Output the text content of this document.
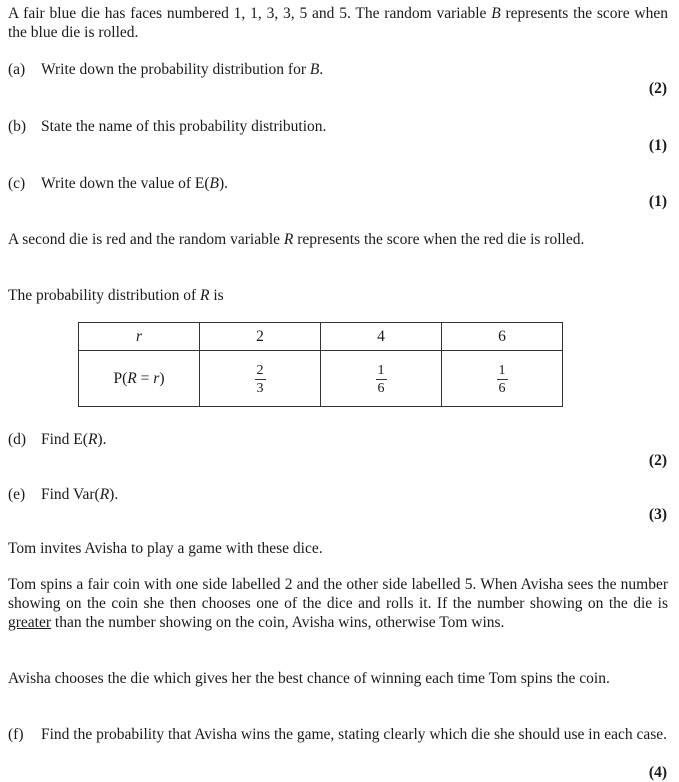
A fair blue die has faces numbered 1, 1, 3, 3, 5 and 5. The random variable B represents the score when the blue die is rolled.
(a) Write down the probability distribution for B.
(2)
(b) State the name of this probability distribution.
(1)
(c) Write down the value of E(B).
(1)
A second die is red and the random variable R represents the score when the red die is rolled.
The probability distribution of R is
r	2	4	6
P(R = r)	$\frac{2}{3}$	$\frac{1}{6}$	$\frac{1}{6}$
(d) Find E(R).
(2)
(e) Find Var(R).
(3)
Tom invites Avisha to play a game with these dice.
Tom spins a fair coin with one side labelled 2 and the other side labelled 5. When Avisha sees the number showing on the coin she then chooses one of the dice and rolls it. If the number showing on the die is greater than the number showing on the coin, Avisha wins, otherwise Tom wins.
Avisha chooses the die which gives her the best chance of winning each time Tom spins the coin.
(f) Find the probability that Avisha wins the game, stating clearly which die she should use in each case.
(4)
